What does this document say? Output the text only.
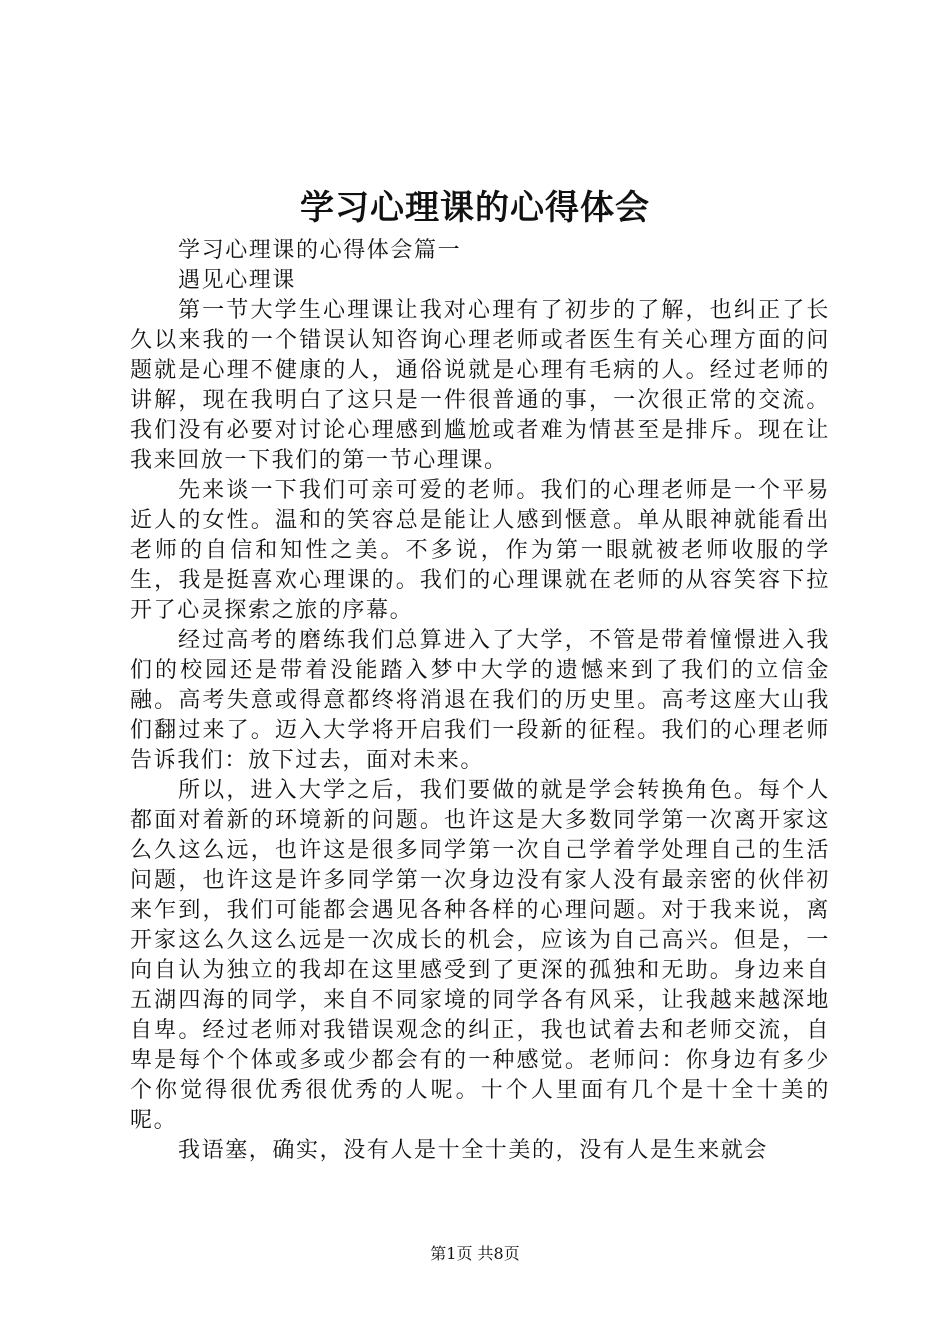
学习心理课的心得体会

学习心理课的心得体会篇一

遇见心理课

第一节大学生心理课让我对心理有了初步的了解，也纠正了长久以来我的一个错误认知咨询心理老师或者医生有关心理方面的问题就是心理不健康的人，通俗说就是心理有毛病的人。经过老师的讲解，现在我明白了这只是一件很普通的事，一次很正常的交流。我们没有必要对讨论心理感到尴尬或者难为情甚至是排斥。现在让我来回放一下我们的第一节心理课。

先来谈一下我们可亲可爱的老师。我们的心理老师是一个平易近人的女性。温和的笑容总是能让人感到惬意。单从眼神就能看出老师的自信和知性之美。不多说，作为第一眼就被老师收服的学生，我是挺喜欢心理课的。我们的心理课就在老师的从容笑容下拉开了心灵探索之旅的序幕。

经过高考的磨练我们总算进入了大学，不管是带着憧憬进入我们的校园还是带着没能踏入梦中大学的遗憾来到了我们的立信金融。高考失意或得意都终将消退在我们的历史里。高考这座大山我们翻过来了。迈入大学将开启我们一段新的征程。我们的心理老师告诉我们：放下过去，面对未来。

所以，进入大学之后，我们要做的就是学会转换角色。每个人都面对着新的环境新的问题。也许这是大多数同学第一次离开家这么久这么远，也许这是很多同学第一次自己学着学处理自己的生活问题，也许这是许多同学第一次身边没有家人没有最亲密的伙伴初来乍到，我们可能都会遇见各种各样的心理问题。对于我来说，离开家这么久这么远是一次成长的机会，应该为自己高兴。但是，一向自认为独立的我却在这里感受到了更深的孤独和无助。身边来自五湖四海的同学，来自不同家境的同学各有风采，让我越来越深地自卑。经过老师对我错误观念的纠正，我也试着去和老师交流，自卑是每个个体或多或少都会有的一种感觉。老师问：你身边有多少个你觉得很优秀很优秀的人呢。十个人里面有几个是十全十美的呢。

我语塞，确实，没有人是十全十美的，没有人是生来就会

第1页 共8页
